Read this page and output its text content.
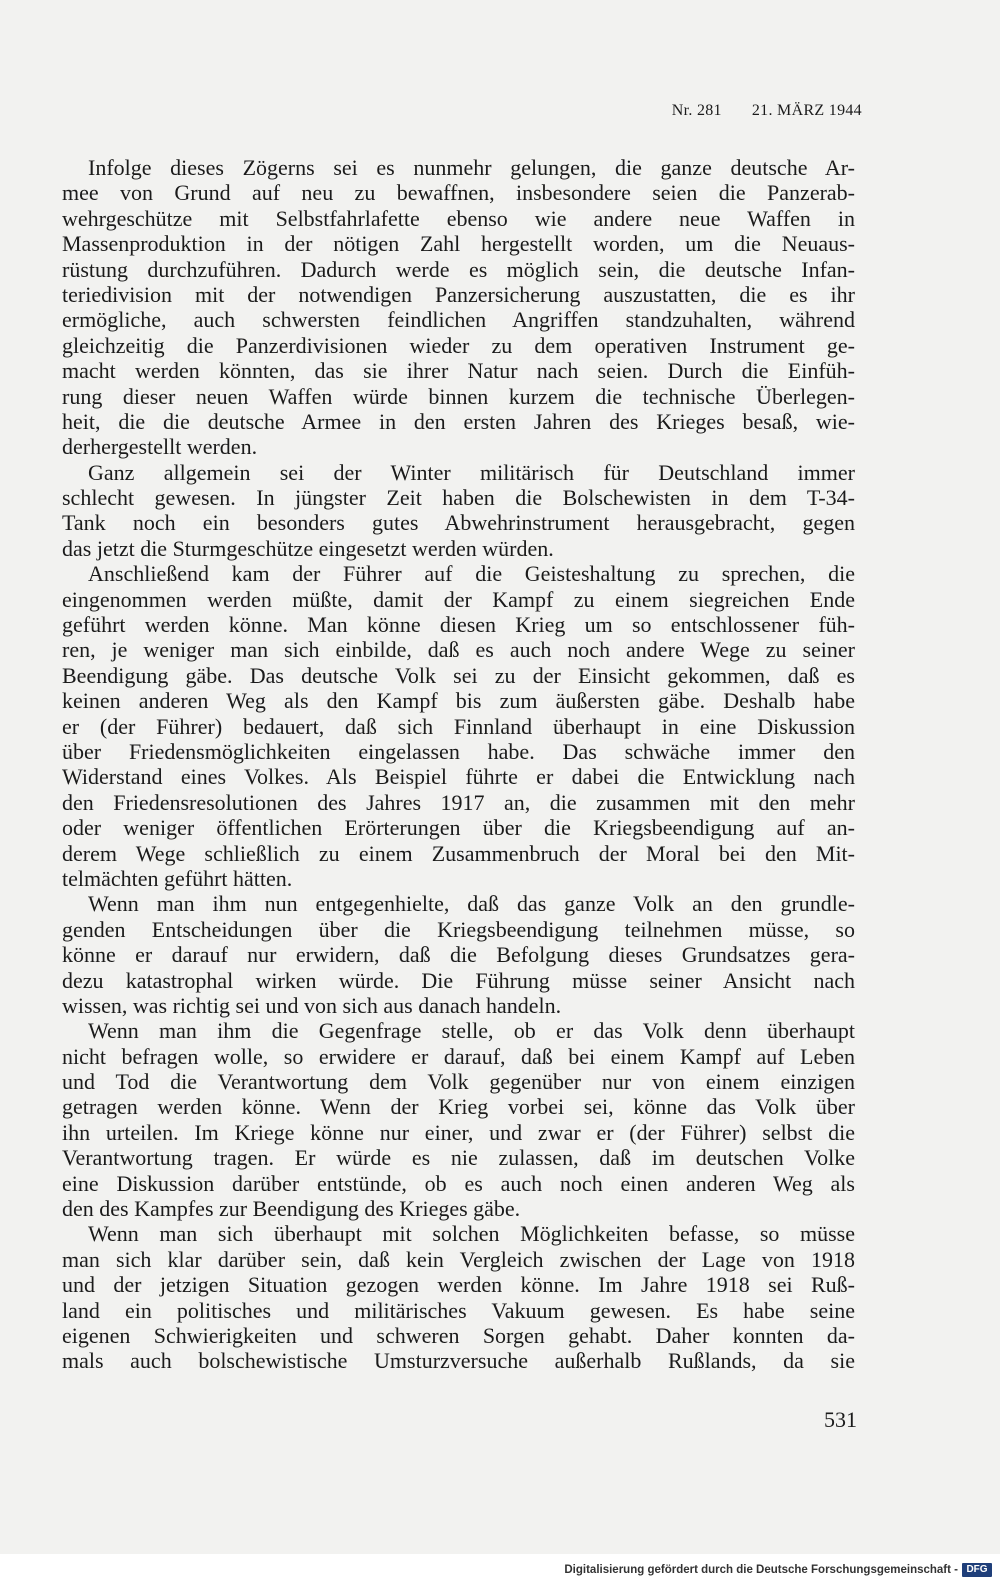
Nr. 281 21. MÄRZ 1944
Infolge dieses Zögerns sei es nunmehr gelungen, die ganze deutsche Ar-
mee von Grund auf neu zu bewaffnen, insbesondere seien die Panzerab-
wehrgeschütze mit Selbstfahrlafette ebenso wie andere neue Waffen in
Massenproduktion in der nötigen Zahl hergestellt worden, um die Neuaus-
rüstung durchzuführen. Dadurch werde es möglich sein, die deutsche Infan-
teriedivision mit der notwendigen Panzersicherung auszustatten, die es ihr
ermögliche, auch schwersten feindlichen Angriffen standzuhalten, während
gleichzeitig die Panzerdivisionen wieder zu dem operativen Instrument ge-
macht werden könnten, das sie ihrer Natur nach seien. Durch die Einfüh-
rung dieser neuen Waffen würde binnen kurzem die technische Überlegen-
heit, die die deutsche Armee in den ersten Jahren des Krieges besaß, wie-
derhergestellt werden.
Ganz allgemein sei der Winter militärisch für Deutschland immer
schlecht gewesen. In jüngster Zeit haben die Bolschewisten in dem T-34-
Tank noch ein besonders gutes Abwehrinstrument herausgebracht, gegen
das jetzt die Sturmgeschütze eingesetzt werden würden.
Anschließend kam der Führer auf die Geisteshaltung zu sprechen, die
eingenommen werden müßte, damit der Kampf zu einem siegreichen Ende
geführt werden könne. Man könne diesen Krieg um so entschlossener füh-
ren, je weniger man sich einbilde, daß es auch noch andere Wege zu seiner
Beendigung gäbe. Das deutsche Volk sei zu der Einsicht gekommen, daß es
keinen anderen Weg als den Kampf bis zum äußersten gäbe. Deshalb habe
er (der Führer) bedauert, daß sich Finnland überhaupt in eine Diskussion
über Friedensmöglichkeiten eingelassen habe. Das schwäche immer den
Widerstand eines Volkes. Als Beispiel führte er dabei die Entwicklung nach
den Friedensresolutionen des Jahres 1917 an, die zusammen mit den mehr
oder weniger öffentlichen Erörterungen über die Kriegsbeendigung auf an-
derem Wege schließlich zu einem Zusammenbruch der Moral bei den Mit-
telmächten geführt hätten.
Wenn man ihm nun entgegenhielte, daß das ganze Volk an den grundle-
genden Entscheidungen über die Kriegsbeendigung teilnehmen müsse, so
könne er darauf nur erwidern, daß die Befolgung dieses Grundsatzes gera-
dezu katastrophal wirken würde. Die Führung müsse seiner Ansicht nach
wissen, was richtig sei und von sich aus danach handeln.
Wenn man ihm die Gegenfrage stelle, ob er das Volk denn überhaupt
nicht befragen wolle, so erwidere er darauf, daß bei einem Kampf auf Leben
und Tod die Verantwortung dem Volk gegenüber nur von einem einzigen
getragen werden könne. Wenn der Krieg vorbei sei, könne das Volk über
ihn urteilen. Im Kriege könne nur einer, und zwar er (der Führer) selbst die
Verantwortung tragen. Er würde es nie zulassen, daß im deutschen Volke
eine Diskussion darüber entstünde, ob es auch noch einen anderen Weg als
den des Kampfes zur Beendigung des Krieges gäbe.
Wenn man sich überhaupt mit solchen Möglichkeiten befasse, so müsse
man sich klar darüber sein, daß kein Vergleich zwischen der Lage von 1918
und der jetzigen Situation gezogen werden könne. Im Jahre 1918 sei Ruß-
land ein politisches und militärisches Vakuum gewesen. Es habe seine
eigenen Schwierigkeiten und schweren Sorgen gehabt. Daher konnten da-
mals auch bolschewistische Umsturzversuche außerhalb Rußlands, da sie
531
Digitalisierung gefördert durch die Deutsche Forschungsgemeinschaft - DFG
